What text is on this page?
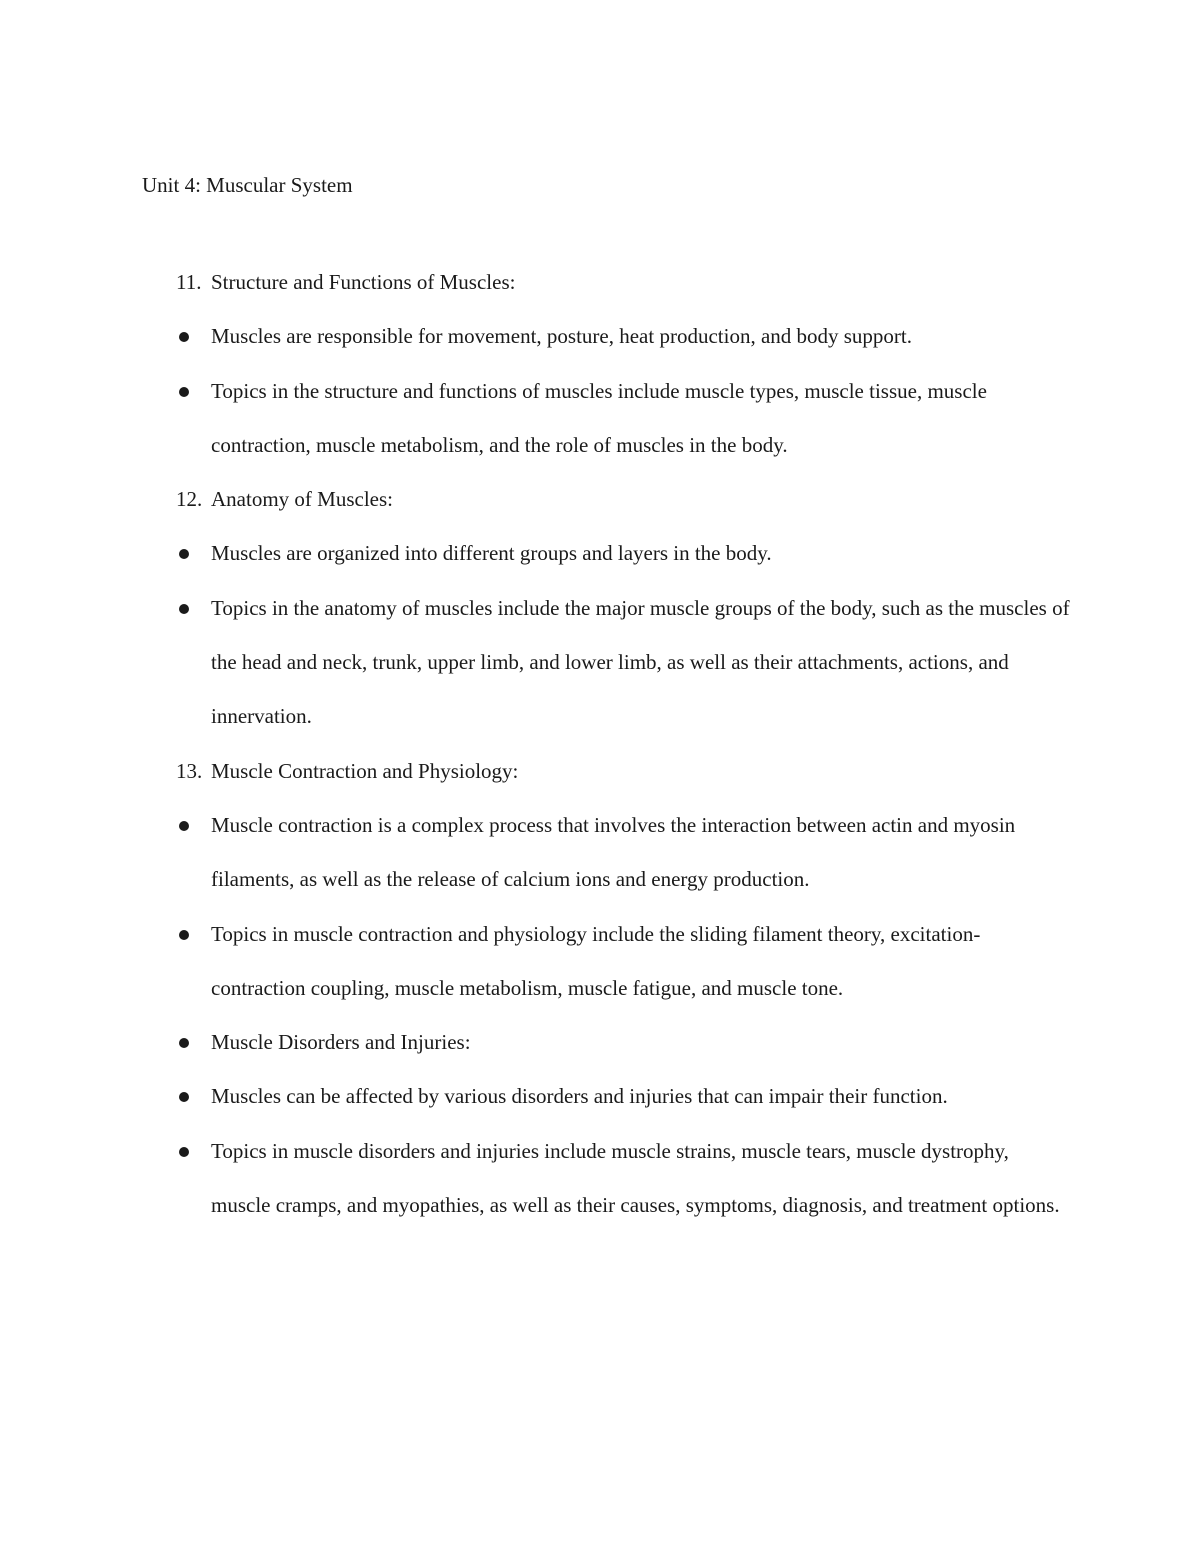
Unit 4: Muscular System
11. Structure and Functions of Muscles:
Muscles are responsible for movement, posture, heat production, and body support.
Topics in the structure and functions of muscles include muscle types, muscle tissue, muscle contraction, muscle metabolism, and the role of muscles in the body.
12. Anatomy of Muscles:
Muscles are organized into different groups and layers in the body.
Topics in the anatomy of muscles include the major muscle groups of the body, such as the muscles of the head and neck, trunk, upper limb, and lower limb, as well as their attachments, actions, and innervation.
13. Muscle Contraction and Physiology:
Muscle contraction is a complex process that involves the interaction between actin and myosin filaments, as well as the release of calcium ions and energy production.
Topics in muscle contraction and physiology include the sliding filament theory, excitation-contraction coupling, muscle metabolism, muscle fatigue, and muscle tone.
Muscle Disorders and Injuries:
Muscles can be affected by various disorders and injuries that can impair their function.
Topics in muscle disorders and injuries include muscle strains, muscle tears, muscle dystrophy, muscle cramps, and myopathies, as well as their causes, symptoms, diagnosis, and treatment options.
